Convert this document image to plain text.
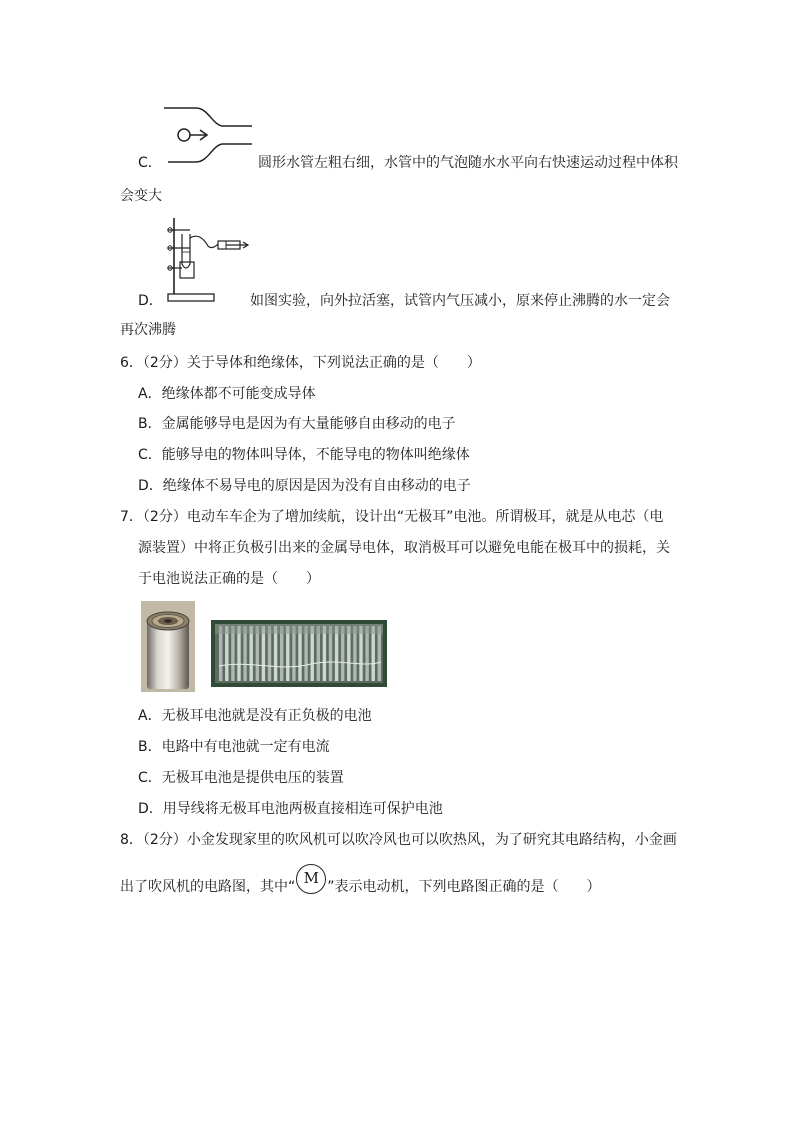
C．	圆形水管左粗右细，水管中的气泡随水水平向右快速运动过程中体积
会变大
D．	如图实验，向外拉活塞，试管内气压减小，原来停止沸腾的水一定会
再次沸腾
6．（2分）关于导体和绝缘体，下列说法正确的是（　　）
A．绝缘体都不可能变成导体
B．金属能够导电是因为有大量能够自由移动的电子
C．能够导电的物体叫导体，不能导电的物体叫绝缘体
D．绝缘体不易导电的原因是因为没有自由移动的电子
7．（2分）电动车车企为了增加续航，设计出“无极耳”电池。所谓极耳，就是从电芯（电
源装置）中将正负极引出来的金属导电体，取消极耳可以避免电能在极耳中的损耗，关
于电池说法正确的是（　　）
A．无极耳电池就是没有正负极的电池
B．电路中有电池就一定有电流
C．无极耳电池是提供电压的装置
D．用导线将无极耳电池两极直接相连可保护电池
8．（2分）小金发现家里的吹风机可以吹冷风也可以吹热风，为了研究其电路结构，小金画
出了吹风机的电路图，其中“ M ”表示电动机，下列电路图正确的是（　　）
